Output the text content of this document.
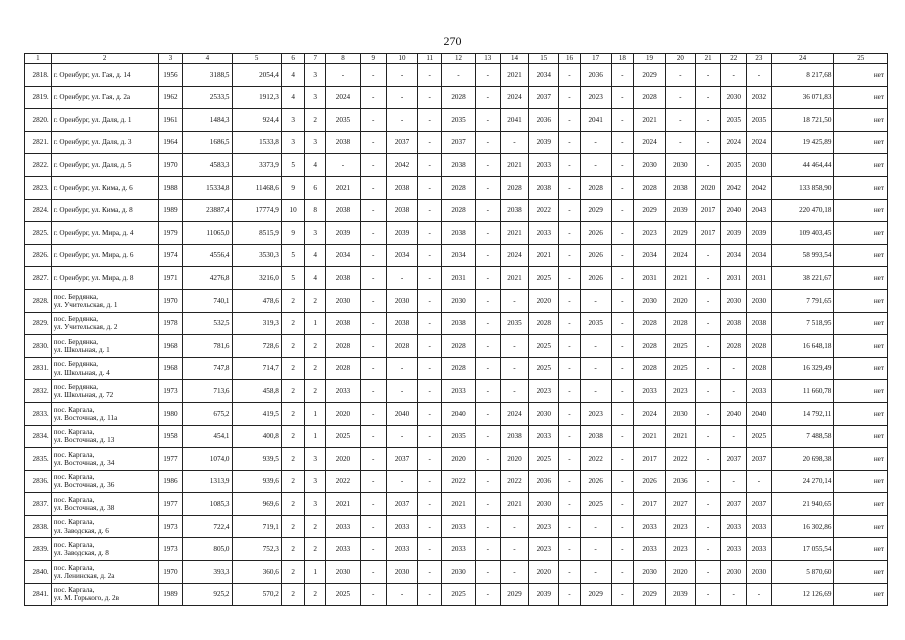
270
1	2	3	4	5	6	7	8	9	10	11	12	13	14	15	16	17	18	19	20	21	22	23	24	25
2818.	г. Оренбург, ул. Гая, д. 14	1956	3188,5	2054,4	4	3	-	-	-	-	-	-	2021	2034	-	2036	-	2029	-	-	-	-	8 217,68	нет
2819.	г. Оренбург, ул. Гая, д. 2а	1962	2533,5	1912,3	4	3	2024	-	-	-	2028	-	2024	2037	-	2023	-	2028	-	-	2030	2032	36 071,83	нет
2820.	г. Оренбург, ул. Даля, д. 1	1961	1484,3	924,4	3	2	2035	-	-	-	2035	-	2041	2036	-	2041	-	2021	-	-	2035	2035	18 721,50	нет
2821.	г. Оренбург, ул. Даля, д. 3	1964	1686,5	1533,8	3	3	2038	-	2037	-	2037	-	-	2039	-	-	-	2024	-	-	2024	2024	19 425,89	нет
2822.	г. Оренбург, ул. Даля, д. 5	1970	4583,3	3373,9	5	4	-	-	2042	-	2038	-	2021	2033	-	-	-	2030	2030	-	2035	2030	44 464,44	нет
2823.	г. Оренбург, ул. Кима, д. 6	1988	15334,8	11468,6	9	6	2021	-	2038	-	2028	-	2028	2038	-	2028	-	2028	2038	2020	2042	2042	133 858,90	нет
2824.	г. Оренбург, ул. Кима, д. 8	1989	23887,4	17774,9	10	8	2038	-	2038	-	2028	-	2038	2022	-	2029	-	2029	2039	2017	2040	2043	220 470,18	нет
2825.	г. Оренбург, ул. Мира, д. 4	1979	11065,0	8515,9	9	3	2039	-	2039	-	2038	-	2021	2033	-	2026	-	2023	2029	2017	2039	2039	109 403,45	нет
2826.	г. Оренбург, ул. Мира, д. 6	1974	4556,4	3530,3	5	4	2034	-	2034	-	2034	-	2024	2021	-	2026	-	2034	2024	-	2034	2034	58 993,54	нет
2827.	г. Оренбург, ул. Мира, д. 8	1971	4276,8	3216,0	5	4	2038	-	-	-	2031	-	2021	2025	-	2026	-	2031	2021	-	2031	2031	38 221,67	нет
2828.	пос. Бердянка,
ул. Учительская, д. 1	1970	740,1	478,6	2	2	2030	-	2030	-	2030	-	-	2020	-	-	-	2030	2020	-	2030	2030	7 791,65	нет
2829.	пос. Бердянка,
ул. Учительская, д. 2	1978	532,5	319,3	2	1	2038	-	2038	-	2038	-	2035	2028	-	2035	-	2028	2028	-	2038	2038	7 518,95	нет
2830.	пос. Бердянка,
ул. Школьная, д. 1	1968	781,6	728,6	2	2	2028	-	2028	-	2028	-	-	2025	-	-	-	2028	2025	-	2028	2028	16 648,18	нет
2831.	пос. Бердянка,
ул. Школьная, д. 4	1968	747,8	714,7	2	2	2028	-	-	-	2028	-	-	2025	-	-	-	2028	2025	-	-	2028	16 329,49	нет
2832.	пос. Бердянка,
ул. Школьная, д. 72	1973	713,6	458,8	2	2	2033	-	-	-	2033	-	-	2023	-	-	-	2033	2023	-	-	2033	11 660,78	нет
2833.	пос. Каргала,
ул. Восточная, д. 11а	1980	675,2	419,5	2	1	2020	-	2040	-	2040	-	2024	2030	-	2023	-	2024	2030	-	2040	2040	14 792,11	нет
2834.	пос. Каргала,
ул. Восточная, д. 13	1958	454,1	400,8	2	1	2025	-	-	-	2035	-	2038	2033	-	2038	-	2021	2021	-	-	2025	7 488,58	нет
2835.	пос. Каргала,
ул. Восточная, д. 34	1977	1074,0	939,5	2	3	2020	-	2037	-	2020	-	2020	2025	-	2022	-	2017	2022	-	2037	2037	20 698,38	нет
2836.	пос. Каргала,
ул. Восточная, д. 36	1986	1313,9	939,6	2	3	2022	-	-	-	2022	-	2022	2036	-	2026	-	2026	2036	-	-	-	24 270,14	нет
2837.	пос. Каргала,
ул. Восточная, д. 38	1977	1085,3	969,6	2	3	2021	-	2037	-	2021	-	2021	2030	-	2025	-	2017	2027	-	2037	2037	21 940,65	нет
2838.	пос. Каргала,
ул. Заводская, д. 6	1973	722,4	719,1	2	2	2033	-	2033	-	2033	-	-	2023	-	-	-	2033	2023	-	2033	2033	16 302,86	нет
2839.	пос. Каргала,
ул. Заводская, д. 8	1973	805,0	752,3	2	2	2033	-	2033	-	2033	-	-	2023	-	-	-	2033	2023	-	2033	2033	17 055,54	нет
2840.	пос. Каргала,
ул. Ленинская, д. 2а	1970	393,3	360,6	2	1	2030	-	2030	-	2030	-	-	2020	-	-	-	2030	2020	-	2030	2030	5 870,60	нет
2841.	пос. Каргала,
ул. М. Горького, д. 2в	1989	925,2	570,2	2	2	2025	-	-	-	2025	-	2029	2039	-	2029	-	2029	2039	-	-	-	12 126,69	нет
